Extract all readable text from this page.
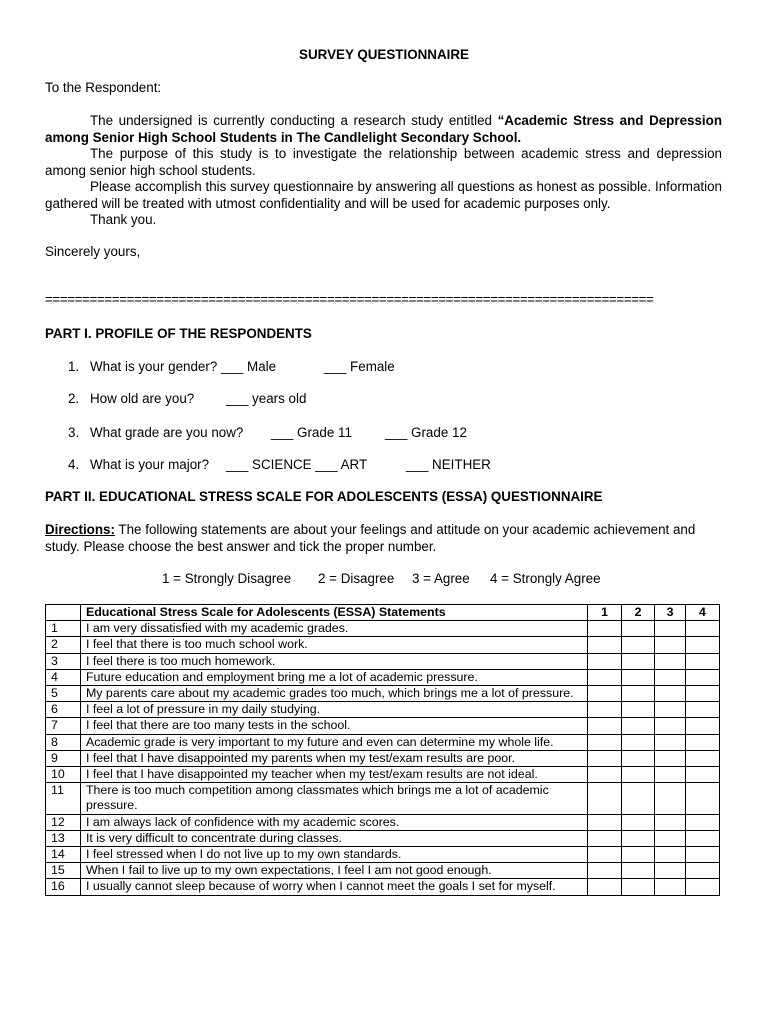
SURVEY QUESTIONNAIRE
To the Respondent:
The undersigned is currently conducting a research study entitled “Academic Stress and Depression among Senior High School Students in The Candlelight Secondary School.
The purpose of this study is to investigate the relationship between academic stress and depression among senior high school students.
Please accomplish this survey questionnaire by answering all questions as honest as possible. Information gathered will be treated with utmost confidentiality and will be used for academic purposes only.
Thank you.
Sincerely yours,
==================================================================================
PART I. PROFILE OF THE RESPONDENTS
1. What is your gender? ___ Male	___ Female
2. How old are you? ___ years old
3. What grade are you now? ___ Grade 11 ___ Grade 12
4. What is your major? ___ SCIENCE ___ ART	___ NEITHER
PART II. EDUCATIONAL STRESS SCALE FOR ADOLESCENTS (ESSA) QUESTIONNAIRE
Directions: The following statements are about your feelings and attitude on your academic achievement and study. Please choose the best answer and tick the proper number.
1 = Strongly Disagree 2 = Disagree 3 = Agree 4 = Strongly Agree
	Educational Stress Scale for Adolescents (ESSA) Statements	1	2	3	4
1	I am very dissatisfied with my academic grades.				
2	I feel that there is too much school work.				
3	I feel there is too much homework.				
4	Future education and employment bring me a lot of academic pressure.				
5	My parents care about my academic grades too much, which brings me a lot of pressure.				
6	I feel a lot of pressure in my daily studying.				
7	I feel that there are too many tests in the school.				
8	Academic grade is very important to my future and even can determine my whole life.				
9	I feel that I have disappointed my parents when my test/exam results are poor.				
10	I feel that I have disappointed my teacher when my test/exam results are not ideal.				
11	There is too much competition among classmates which brings me a lot of academic pressure.				
12	I am always lack of confidence with my academic scores.				
13	It is very difficult to concentrate during classes.				
14	I feel stressed when I do not live up to my own standards.				
15	When I fail to live up to my own expectations, I feel I am not good enough.				
16	I usually cannot sleep because of worry when I cannot meet the goals I set for myself.				
